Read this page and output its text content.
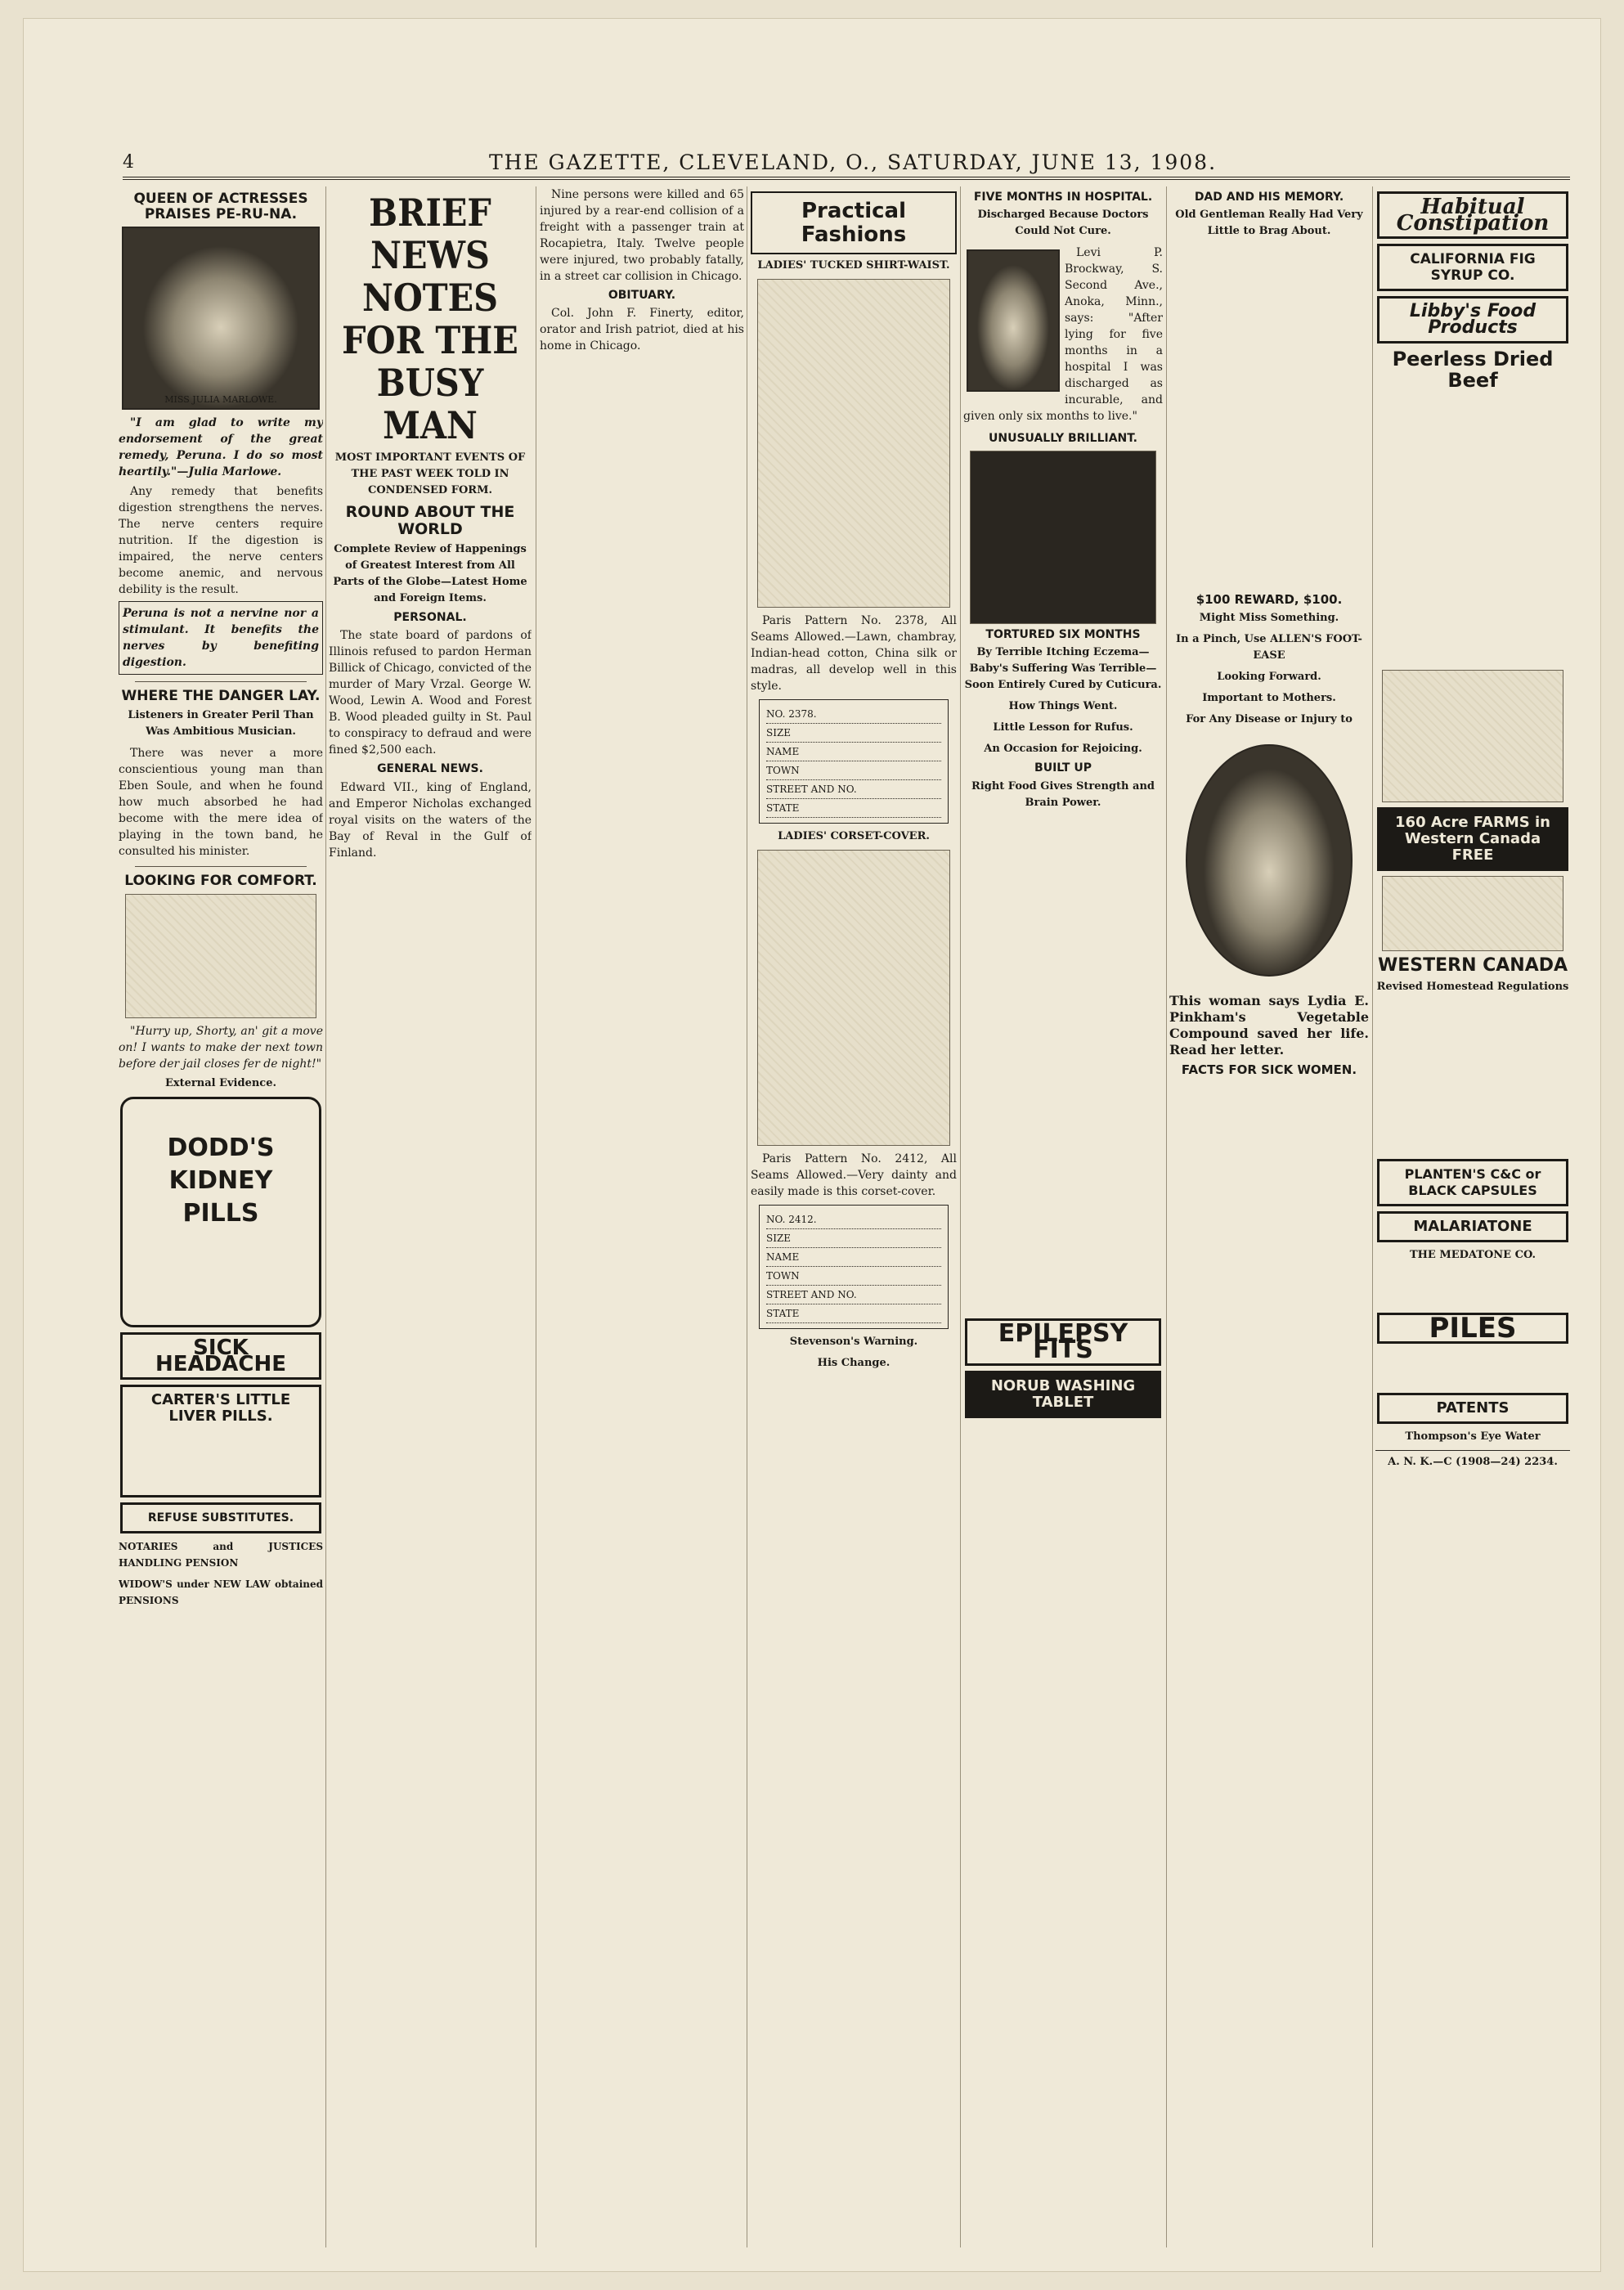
4	THE GAZETTE, CLEVELAND, O., SATURDAY, JUNE 13, 1908.
QUEEN OF ACTRESSES PRAISES PE-RU-NA.
MISS JULIA MARLOWE.

"I am glad to write my endorsement of the great remedy, Peruna. I do so most heartily."—Julia Marlowe.

Any remedy that benefits digestion strengthens the nerves. The nerve centers require nutrition. If the digestion is impaired, the nerve centers become anemic, and nervous debility is the result.

Peruna is not a nervine nor a stimulant. It benefits the nerves by benefiting digestion.

WHERE THE DANGER LAY.
Listeners in Greater Peril Than Was Ambitious Musician.

There was never a more conscientious young man than Eben Soule, and when he found how much absorbed he had become with the mere idea of playing in the town band, he consulted his minister.

LOOKING FOR COMFORT.

"Hurry up, Shorty, an' git a move on! I wants to make der next town before der jail closes fer de night!"

External Evidence.
DODD'S KIDNEY PILLS
SICK HEADACHE
CARTER'S LITTLE LIVER PILLS.
REFUSE SUBSTITUTES.
NOTARIES and JUSTICES HANDLING PENSION
WIDOW'S under NEW LAW obtained PENSIONS
BRIEF NEWS NOTES FOR THE BUSY MAN
MOST IMPORTANT EVENTS OF THE PAST WEEK TOLD IN CONDENSED FORM.
ROUND ABOUT THE WORLD
Complete Review of Happenings of Greatest Interest from All Parts of the Globe—Latest Home and Foreign Items.
PERSONAL.

The state board of pardons of Illinois refused to pardon Herman Billick of Chicago, convicted of the murder of Mary Vrzal. George W. Wood, Lewin A. Wood and Forest B. Wood pleaded guilty in St. Paul to conspiracy to defraud and were fined $2,500 each.

GENERAL NEWS.

Edward VII., king of England, and Emperor Nicholas exchanged royal visits on the waters of the Bay of Reval in the Gulf of Finland.

Nine persons were killed and 65 injured by a rear-end collision of a freight with a passenger train at Rocapietra, Italy. Twelve people were injured, two probably fatally, in a street car collision in Chicago.

OBITUARY.

Col. John F. Finerty, editor, orator and Irish patriot, died at his home in Chicago.

Practical Fashions
LADIES' TUCKED SHIRT-WAIST.

Paris Pattern No. 2378, All Seams Allowed.—Lawn, chambray, Indian-head cotton, China silk or madras, all develop well in this style.

NO. 2378.
SIZE
NAME
TOWN
STREET AND NO.
STATE
LADIES' CORSET-COVER.

Paris Pattern No. 2412, All Seams Allowed.—Very dainty and easily made is this corset-cover.

NO. 2412.
SIZE
NAME
TOWN
STREET AND NO.
STATE
Stevenson's Warning.
His Change.
FIVE MONTHS IN HOSPITAL.
Discharged Because Doctors Could Not Cure.

Levi P. Brockway, S. Second Ave., Anoka, Minn., says: "After lying for five months in a hospital I was discharged as incurable, and given only six months to live."

UNUSUALLY BRILLIANT.
TORTURED SIX MONTHS
By Terrible Itching Eczema—Baby's Suffering Was Terrible—Soon Entirely Cured by Cuticura.
How Things Went.
Little Lesson for Rufus.
An Occasion for Rejoicing.
BUILT UP
Right Food Gives Strength and Brain Power.
EPILEPSY FITS
NORUB WASHING TABLET
DAD AND HIS MEMORY.
Old Gentleman Really Had Very Little to Brag About.
$100 REWARD, $100.
Might Miss Something.
In a Pinch, Use ALLEN'S FOOT-EASE
Looking Forward.
Important to Mothers.
For Any Disease or Injury to

This woman says Lydia E. Pinkham's Vegetable Compound saved her life. Read her letter.

FACTS FOR SICK WOMEN.
Habitual Constipation
CALIFORNIA FIG SYRUP CO.
Libby's Food Products
Peerless Dried Beef
160 Acre FARMS in Western Canada FREE
WESTERN CANADA
Revised Homestead Regulations
PLANTEN'S C&C or BLACK CAPSULES
MALARIATONE
THE MEDATONE CO.
PILES
PATENTS
Thompson's Eye Water
A. N. K.—C (1908—24) 2234.
